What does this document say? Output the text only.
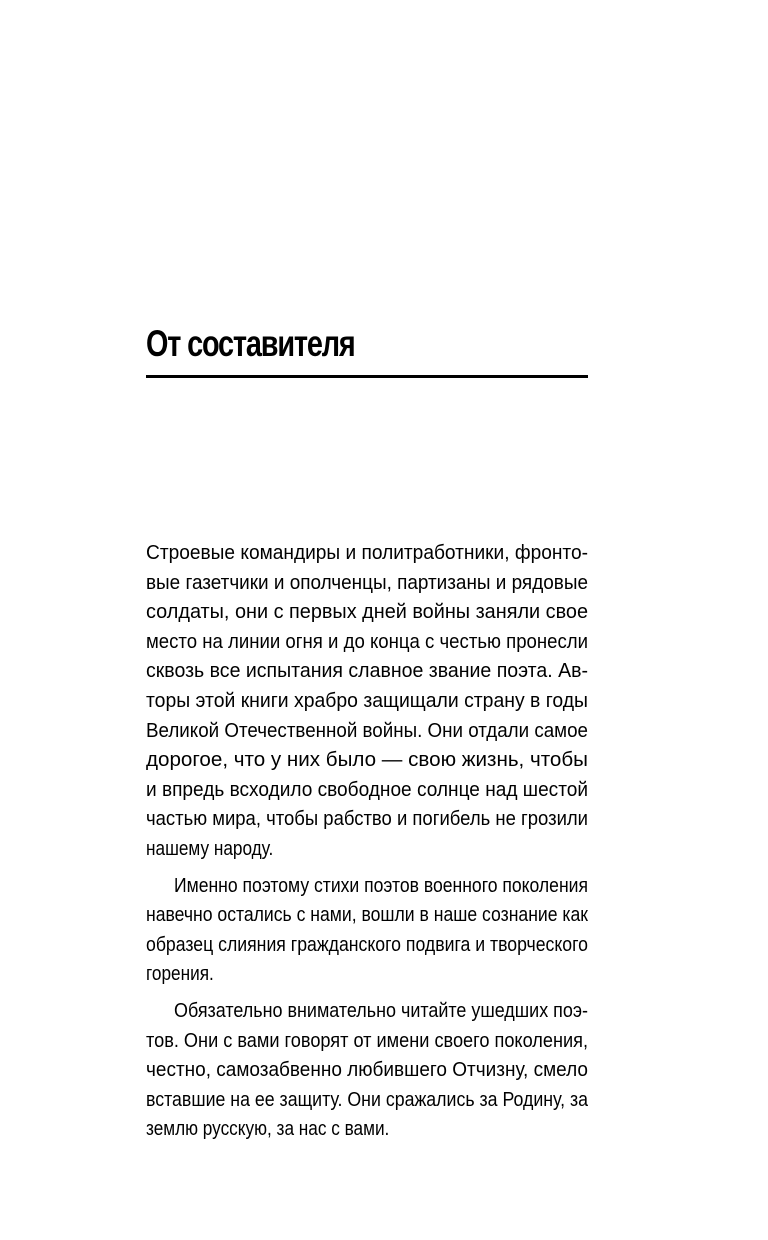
От составителя
Строевые командиры и политработники, фронто-
вые газетчики и ополченцы, партизаны и рядовые
солдаты, они с первых дней войны заняли свое
место на линии огня и до конца с честью пронесли
сквозь все испытания славное звание поэта. Ав-
торы этой книги храбро защищали страну в годы
Великой Отечественной войны. Они отдали самое
дорогое, что у них было — свою жизнь, чтобы
и впредь всходило свободное солнце над шестой
частью мира, чтобы рабство и погибель не грозили
нашему народу.
Именно поэтому стихи поэтов военного поколения
навечно остались с нами, вошли в наше сознание как
образец слияния гражданского подвига и творческого
горения.
Обязательно внимательно читайте ушедших поэ-
тов. Они с вами говорят от имени своего поколения,
честно, самозабвенно любившего Отчизну, смело
вставшие на ее защиту. Они сражались за Родину, за
землю русскую, за нас с вами.
